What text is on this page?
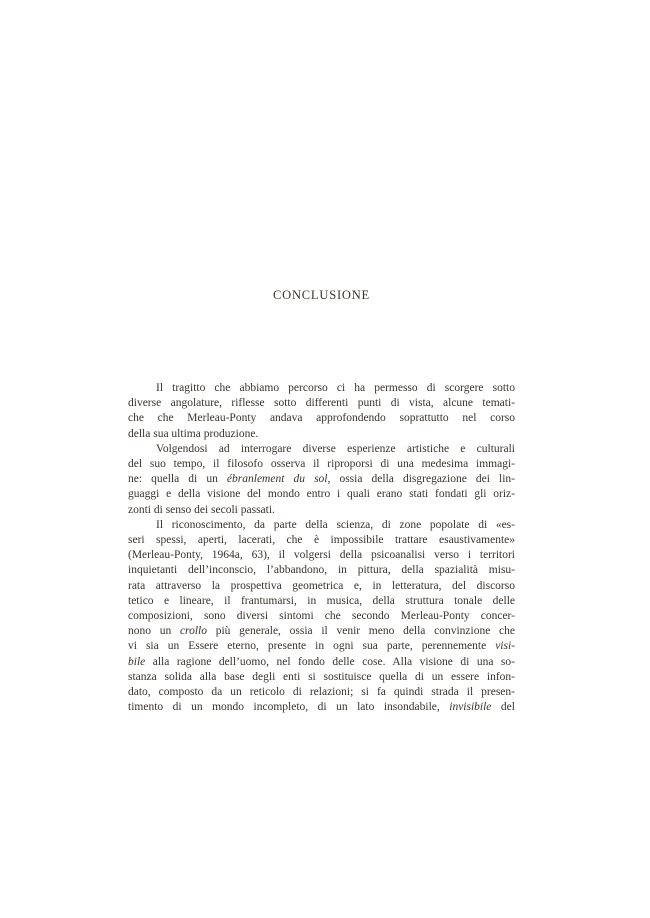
CONCLUSIONE

Il tragitto che abbiamo percorso ci ha permesso di scorgere sotto
diverse angolature, riflesse sotto differenti punti di vista, alcune temati-
che che Merleau-Ponty andava approfondendo soprattutto nel corso
della sua ultima produzione.

Volgendosi ad interrogare diverse esperienze artistiche e culturali
del suo tempo, il filosofo osserva il riproporsi di una medesima immagi-
ne: quella di un ébranlement du sol, ossia della disgregazione dei lin-
guaggi e della visione del mondo entro i quali erano stati fondati gli oriz-
zonti di senso dei secoli passati.

Il riconoscimento, da parte della scienza, di zone popolate di «es-
seri spessi, aperti, lacerati, che è impossibile trattare esaustivamente»
(Merleau-Ponty, 1964a, 63), il volgersi della psicoanalisi verso i territori
inquietanti dell’inconscio, l’abbandono, in pittura, della spazialità misu-
rata attraverso la prospettiva geometrica e, in letteratura, del discorso
tetico e lineare, il frantumarsi, in musica, della struttura tonale delle
composizioni, sono diversi sintomi che secondo Merleau-Ponty concer-
nono un crollo più generale, ossia il venir meno della convinzione che
vi sia un Essere eterno, presente in ogni sua parte, perennemente visi-
bile alla ragione dell’uomo, nel fondo delle cose. Alla visione di una so-
stanza solida alla base degli enti si sostituisce quella di un essere infon-
dato, composto da un reticolo di relazioni; si fa quindi strada il presen-
timento di un mondo incompleto, di un lato insondabile, invisibile del
